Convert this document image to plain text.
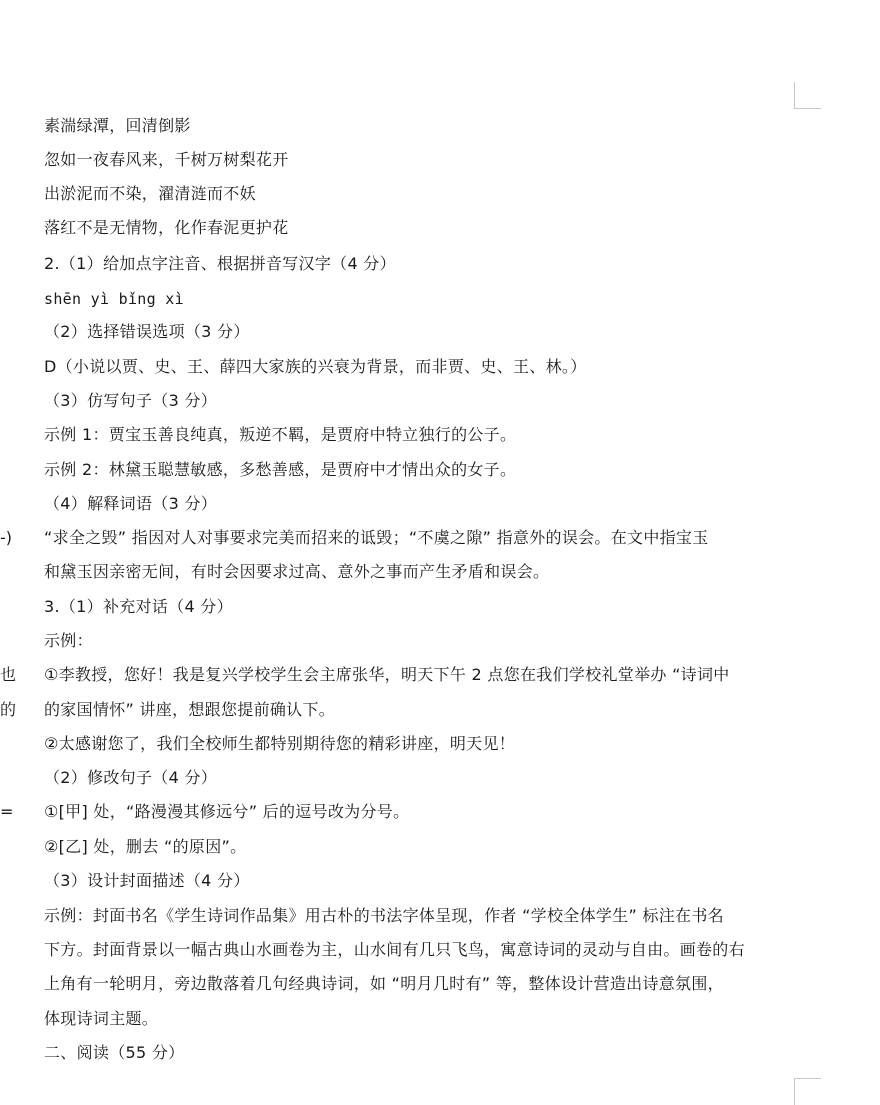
素湍绿潭，回清倒影
忽如一夜春风来，千树万树梨花开
出淤泥而不染，濯清涟而不妖
落红不是无情物，化作春泥更护花
2.（1）给加点字注音、根据拼音写汉字（4 分）
shēn yì bǐng xì
（2）选择错误选项（3 分）
D（小说以贾、史、王、薛四大家族的兴衰为背景，而非贾、史、王、林。）
（3）仿写句子（3 分）
示例 1：贾宝玉善良纯真，叛逆不羁，是贾府中特立独行的公子。
示例 2：林黛玉聪慧敏感，多愁善感，是贾府中才情出众的女子。
（4）解释词语（3 分）
-) “求全之毁” 指因对人对事要求完美而招来的诋毁；“不虞之隙” 指意外的误会。在文中指宝玉
和黛玉因亲密无间，有时会因要求过高、意外之事而产生矛盾和误会。
3.（1）补充对话（4 分）
示例：
也 ①李教授，您好！我是复兴学校学生会主席张华，明天下午 2 点您在我们学校礼堂举办 “诗词中
的 的家国情怀” 讲座，想跟您提前确认下。
②太感谢您了，我们全校师生都特别期待您的精彩讲座，明天见！
（2）修改句子（4 分）
= ①[甲] 处，“路漫漫其修远兮” 后的逗号改为分号。
②[乙] 处，删去 “的原因”。
（3）设计封面描述（4 分）
示例：封面书名《学生诗词作品集》用古朴的书法字体呈现，作者 “学校全体学生” 标注在书名
下方。封面背景以一幅古典山水画卷为主，山水间有几只飞鸟，寓意诗词的灵动与自由。画卷的右
上角有一轮明月，旁边散落着几句经典诗词，如 “明月几时有” 等，整体设计营造出诗意氛围，
体现诗词主题。
二、阅读（55 分）
